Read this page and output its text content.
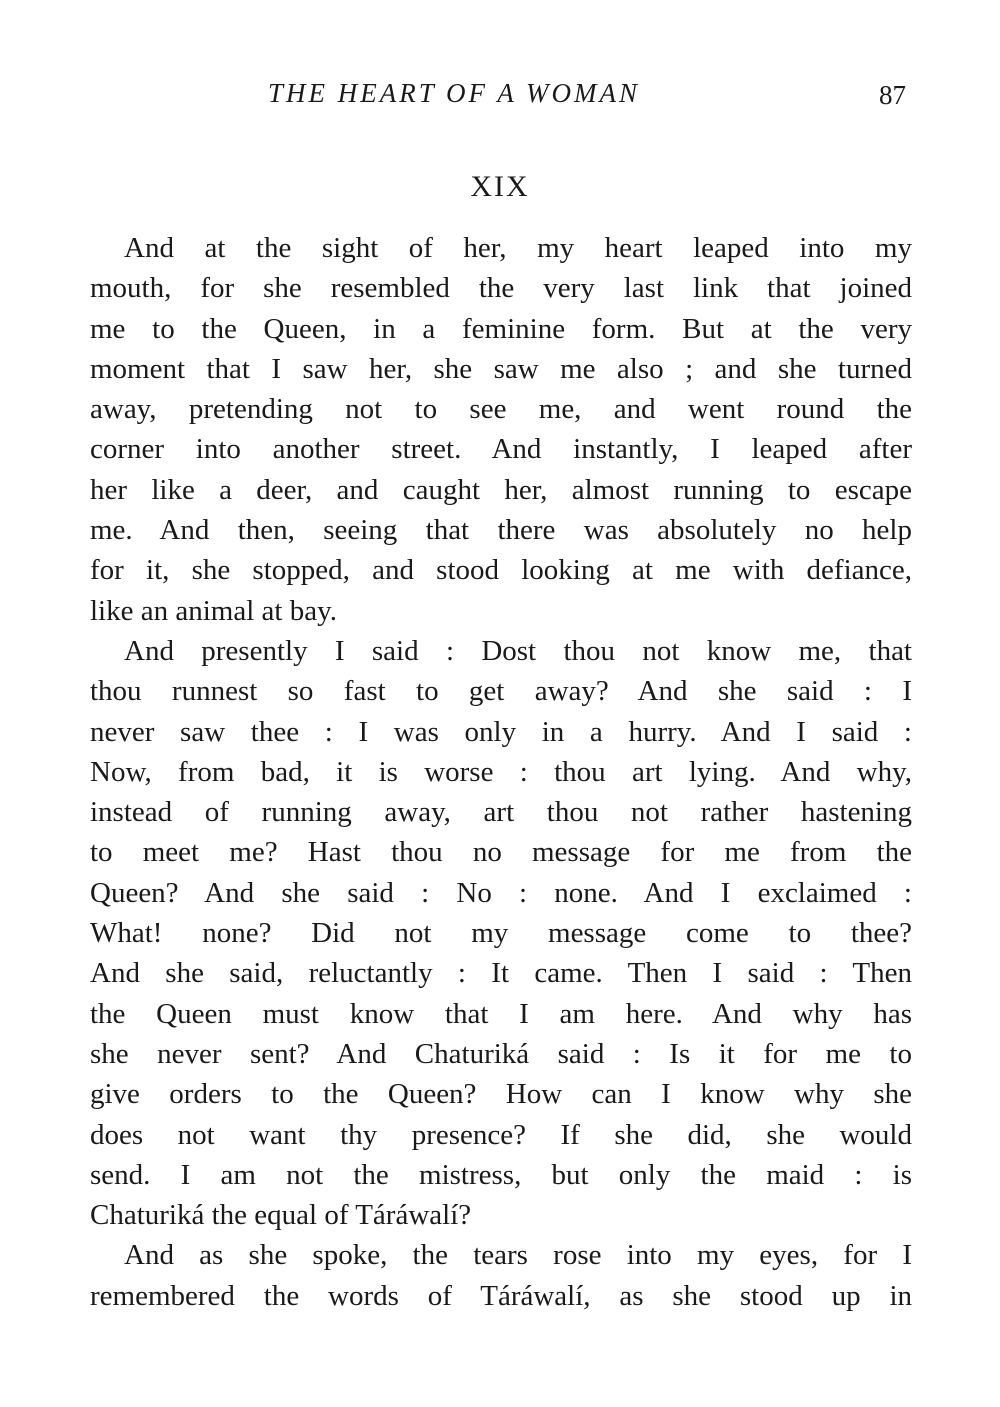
THE HEART OF A WOMAN	87
XIX
And at the sight of her, my heart leaped into my
mouth, for she resembled the very last link that joined
me to the Queen, in a feminine form. But at the very
moment that I saw her, she saw me also ; and she turned
away, pretending not to see me, and went round the
corner into another street. And instantly, I leaped after
her like a deer, and caught her, almost running to escape
me. And then, seeing that there was absolutely no help
for it, she stopped, and stood looking at me with defiance,
like an animal at bay.
And presently I said : Dost thou not know me, that
thou runnest so fast to get away? And she said : I
never saw thee : I was only in a hurry. And I said :
Now, from bad, it is worse : thou art lying. And why,
instead of running away, art thou not rather hastening
to meet me? Hast thou no message for me from the
Queen? And she said : No : none. And I exclaimed :
What! none? Did not my message come to thee?
And she said, reluctantly : It came. Then I said : Then
the Queen must know that I am here. And why has
she never sent? And Chaturiká said : Is it for me to
give orders to the Queen? How can I know why she
does not want thy presence? If she did, she would
send. I am not the mistress, but only the maid : is
Chaturiká the equal of Táráwalí?
And as she spoke, the tears rose into my eyes, for I
remembered the words of Táráwalí, as she stood up in
